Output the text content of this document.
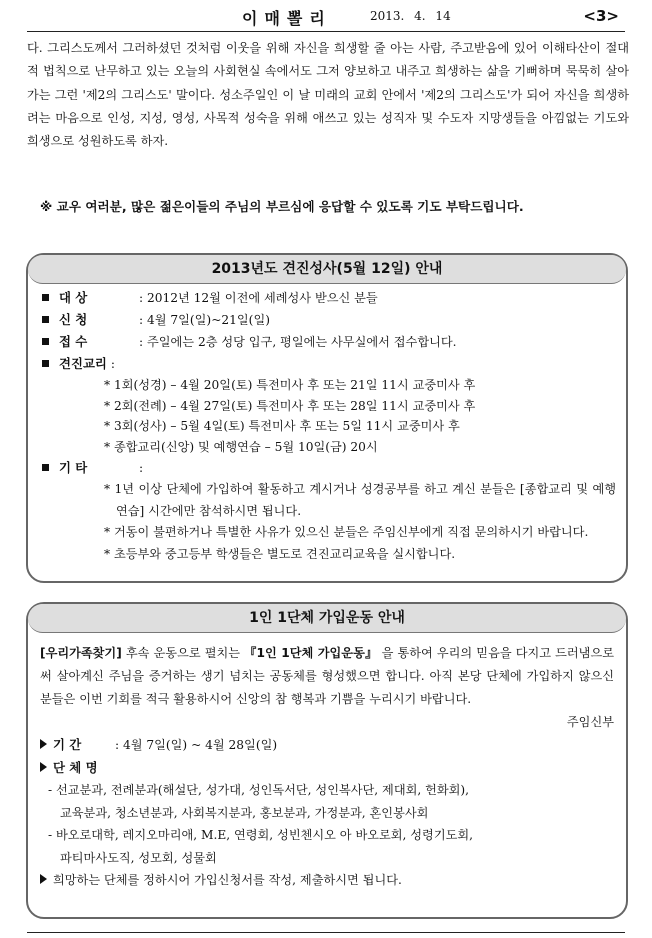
이매뽈리	2013. 4. 14	<3>

다. 그리스도께서 그러하셨던 것처럼 이웃을 위해 자신을 희생할 줄 아는 사람, 주고받음에 있어 이해타산이 절대적 법칙으로 난무하고 있는 오늘의 사회현실 속에서도 그저 양보하고 내주고 희생하는 삶을 기뻐하며 묵묵히 살아가는 그런 '제2의 그리스도' 말이다. 성소주일인 이 날 미래의 교회 안에서 '제2의 그리스도'가 되어 자신을 희생하려는 마음으로 인성, 지성, 영성, 사목적 성숙을 위해 애쓰고 있는 성직자 및 수도자 지망생들을 아낌없는 기도와 희생으로 성원하도록 하자.

※ 교우 여러분, 많은 젊은이들의 주님의 부르심에 응답할 수 있도록 기도 부탁드립니다.
2013년도 견진성사(5월 12일) 안내
대 상	: 2012년 12월 이전에 세례성사 받으신 분들
신 청	: 4월 7일(일)~21일(일)
접 수	: 주일에는 2층 성당 입구, 평일에는 사무실에서 접수합니다.
견진교리 :
* 1회(성경) – 4월 20일(토) 특전미사 후 또는 21일 11시 교중미사 후
* 2회(전례) – 4월 27일(토) 특전미사 후 또는 28일 11시 교중미사 후
* 3회(성사) – 5월 4일(토) 특전미사 후 또는 5일 11시 교중미사 후
* 종합교리(신앙) 및 예행연습 – 5월 10일(금) 20시
기 타	:
* 1년 이상 단체에 가입하여 활동하고 계시거나 성경공부를 하고 계신 분들은 [종합교리 및 예행연습] 시간에만 참석하시면 됩니다.
* 거동이 불편하거나 특별한 사유가 있으신 분들은 주임신부에게 직접 문의하시기 바랍니다.
* 초등부와 중고등부 학생들은 별도로 견진교리교육을 실시합니다.
1인 1단체 가입운동 안내
[우리가족찾기] 후속 운동으로 펼치는 『1인 1단체 가입운동』 을 통하여 우리의 믿음을 다지고 드러냄으로써 살아계신 주님을 증거하는 생기 넘치는 공동체를 형성했으면 합니다. 아직 본당 단체에 가입하지 않으신 분들은 이번 기회를 적극 활용하시어 신앙의 참 행복과 기쁨을 누리시기 바랍니다.
주임신부
기 간	: 4월 7일(일) ~ 4월 28일(일)
단 체 명
- 선교분과, 전례분과(해설단, 성가대, 성인독서단, 성인복사단, 제대회, 헌화회),
교육분과, 청소년분과, 사회복지분과, 홍보분과, 가정분과, 혼인봉사회
- 바오로대학, 레지오마리애, M.E, 연령회, 성빈첸시오 아 바오로회, 성령기도회,
파티마사도직, 성모회, 성물회
희망하는 단체를 정하시어 가입신청서를 작성, 제출하시면 됩니다.
